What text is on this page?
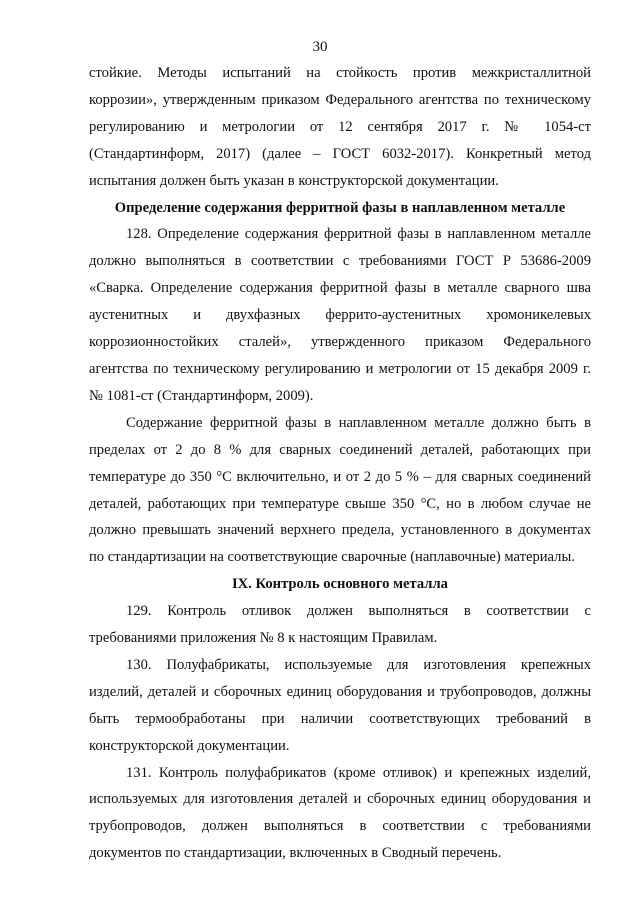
30
стойкие. Методы испытаний на стойкость против межкристаллитной
коррозии», утвержденным приказом Федерального агентства по техническому
регулированию и метрологии от 12 сентября 2017 г. № 1054-ст
(Стандартинформ, 2017) (далее – ГОСТ 6032-2017). Конкретный метод
испытания должен быть указан в конструкторской документации.
Определение содержания ферритной фазы в наплавленном металле
128. Определение содержания ферритной фазы в наплавленном металле
должно выполняться в соответствии с требованиями ГОСТ Р 53686-2009
«Сварка. Определение содержания ферритной фазы в металле сварного шва
аустенитных и двухфазных феррито-аустенитных хромоникелевых
коррозионностойких сталей», утвержденного приказом Федерального
агентства по техническому регулированию и метрологии от 15 декабря 2009 г.
№ 1081-ст (Стандартинформ, 2009).
Содержание ферритной фазы в наплавленном металле должно быть в
пределах от 2 до 8 % для сварных соединений деталей, работающих при
температуре до 350 °С включительно, и от 2 до 5 % – для сварных соединений
деталей, работающих при температуре свыше 350 °С, но в любом случае не
должно превышать значений верхнего предела, установленного в документах
по стандартизации на соответствующие сварочные (наплавочные) материалы.
IX. Контроль основного металла
129. Контроль отливок должен выполняться в соответствии с
требованиями приложения № 8 к настоящим Правилам.
130. Полуфабрикаты, используемые для изготовления крепежных
изделий, деталей и сборочных единиц оборудования и трубопроводов, должны
быть термообработаны при наличии соответствующих требований в
конструкторской документации.
131. Контроль полуфабрикатов (кроме отливок) и крепежных изделий,
используемых для изготовления деталей и сборочных единиц оборудования и
трубопроводов, должен выполняться в соответствии с требованиями
документов по стандартизации, включенных в Сводный перечень.
